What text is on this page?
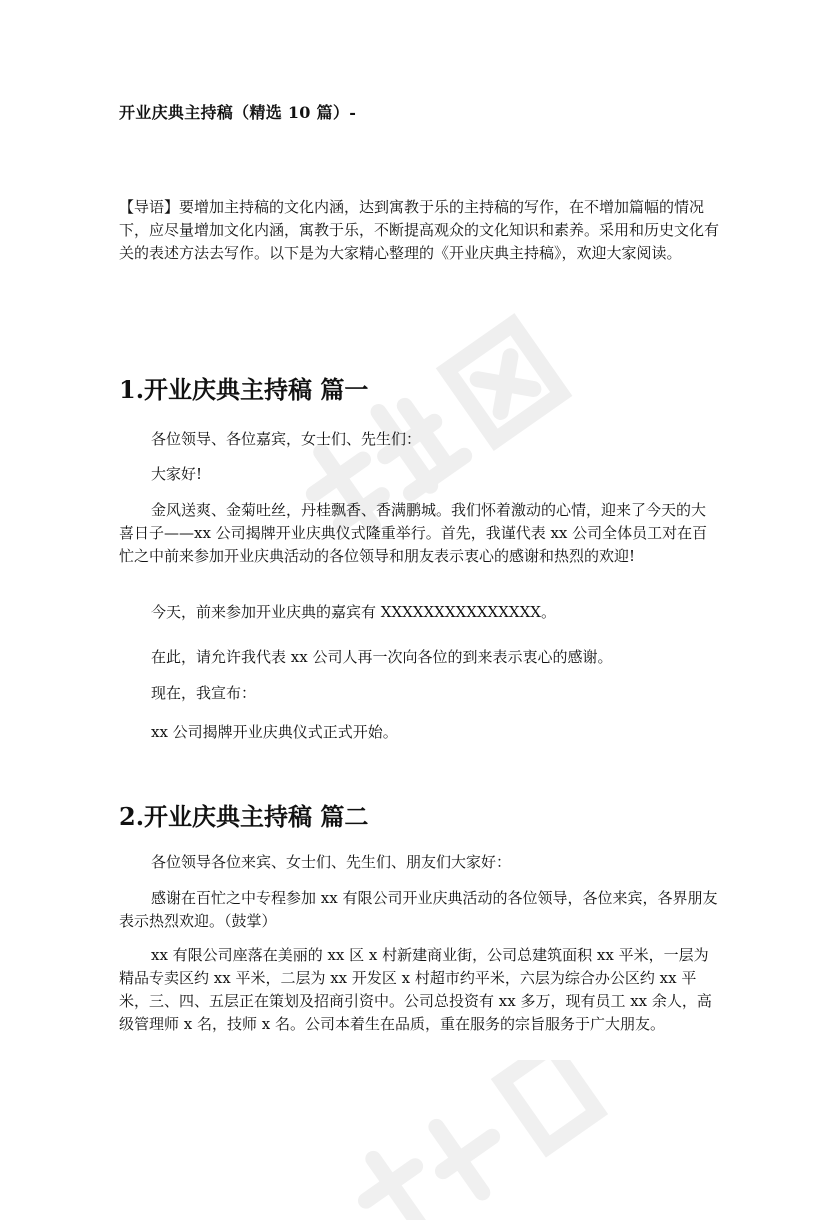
开业庆典主持稿（精选 10 篇）-

【导语】要增加主持稿的文化内涵，达到寓教于乐的主持稿的写作，在不增加篇幅的情况下，应尽量增加文化内涵，寓教于乐，不断提高观众的文化知识和素养。采用和历史文化有关的表述方法去写作。以下是为大家精心整理的《开业庆典主持稿》，欢迎大家阅读。

1.开业庆典主持稿 篇一

各位领导、各位嘉宾，女士们、先生们：

大家好!

金风送爽、金菊吐丝，丹桂飘香、香满鹏城。我们怀着激动的心情，迎来了今天的大喜日子——xx 公司揭牌开业庆典仪式隆重举行。首先，我谨代表 xx 公司全体员工对在百忙之中前来参加开业庆典活动的各位领导和朋友表示衷心的感谢和热烈的欢迎!

今天，前来参加开业庆典的嘉宾有 XXXXXXXXXXXXXXX。

在此，请允许我代表 xx 公司人再一次向各位的到来表示衷心的感谢。

现在，我宣布：

xx 公司揭牌开业庆典仪式正式开始。

2.开业庆典主持稿 篇二

各位领导各位来宾、女士们、先生们、朋友们大家好：

感谢在百忙之中专程参加 xx 有限公司开业庆典活动的各位领导，各位来宾，各界朋友表示热烈欢迎。（鼓掌）

xx 有限公司座落在美丽的 xx 区 x 村新建商业街，公司总建筑面积 xx 平米，一层为精品专卖区约 xx 平米，二层为 xx 开发区 x 村超市约平米，六层为综合办公区约 xx 平米，三、四、五层正在策划及招商引资中。公司总投资有 xx 多万，现有员工 xx 余人，高级管理师 x 名，技师 x 名。公司本着生在品质，重在服务的宗旨服务于广大朋友。
